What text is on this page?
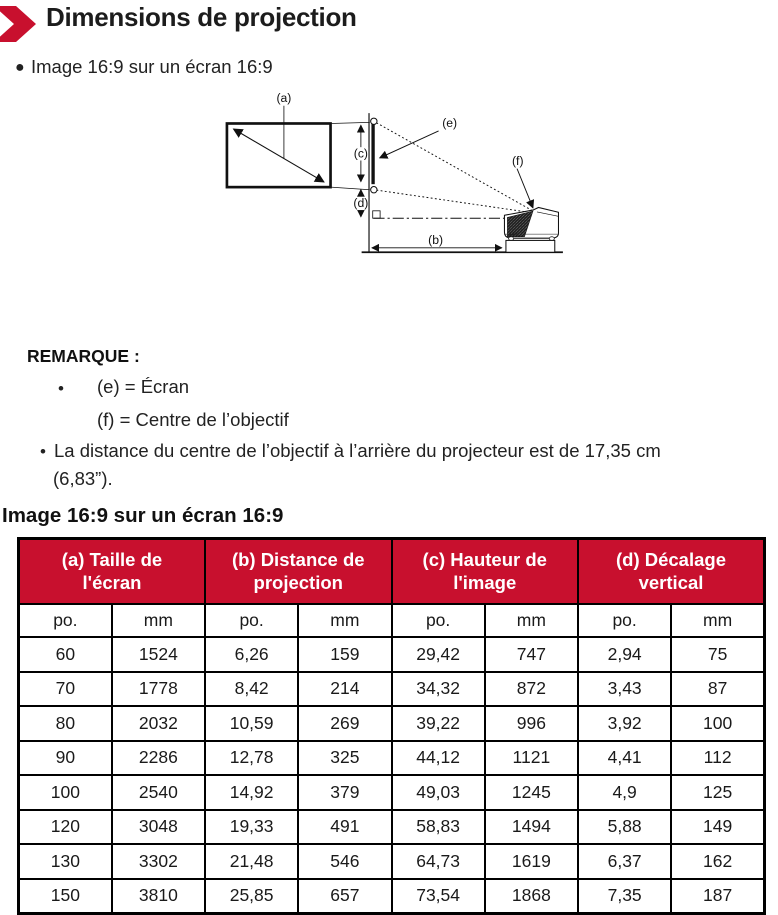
Dimensions de projection
●︎ Image 16:9 sur un écran 16:9
(a)
(c)
(d)
(e)
(f)
(b)
REMARQUE :
• (e) = Écran
(f) = Centre de l’objectif
• La distance du centre de l’objectif à l’arrière du projecteur est de 17,35 cm
(6,83”).
Image 16:9 sur un écran 16:9
(a) Taille de l'écran		(b) Distance de projection		(c) Hauteur de l'image		(d) Décalage vertical	
po.	mm	po.	mm	po.	mm	po.	mm
60	1524	6,26	159	29,42	747	2,94	75
70	1778	8,42	214	34,32	872	3,43	87
80	2032	10,59	269	39,22	996	3,92	100
90	2286	12,78	325	44,12	1121	4,41	112
100	2540	14,92	379	49,03	1245	4,9	125
120	3048	19,33	491	58,83	1494	5,88	149
130	3302	21,48	546	64,73	1619	6,37	162
150	3810	25,85	657	73,54	1868	7,35	187
